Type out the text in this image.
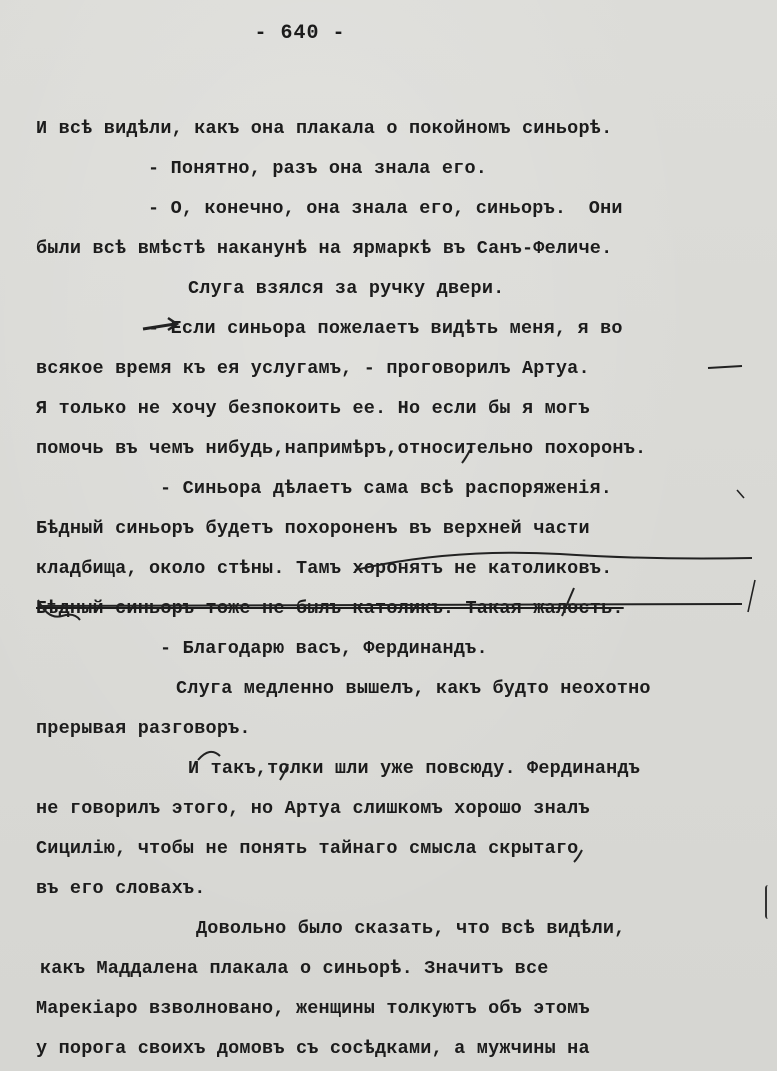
- 640 -
И всѣ видѣли, какъ она плакала о покойномъ синьорѣ.
- Понятно, разъ она знала его.
- О, конечно, она знала его, синьоръ.  Они
были всѣ вмѣстѣ наканунѣ на ярмаркѣ въ Санъ-Феличе.
Слуга взялся за ручку двери.
- Если синьора пожелаетъ видѣть меня, я во
всякое время къ ея услугамъ, - проговорилъ Артуа.
Я только не хочу безпокоить ее. Но если бы я могъ
помочь въ чемъ нибудь,напримѣръ,относительно похоронъ.
- Синьора дѣлаетъ сама всѣ распоряженія.
Бѣдный синьоръ будетъ похороненъ въ верхней части
кладбища, около стѣны. Тамъ хоронятъ не католиковъ.
Бѣдный синьоръ тоже не былъ католикъ. Такая жалость.
- Благодарю васъ, Фердинандъ.
Слуга медленно вышелъ, какъ будто неохотно
прерывая разговоръ.
И такъ,толки шли уже повсюду. Фердинандъ
не говорилъ этого, но Артуа слишкомъ хорошо зналъ
Сицилію, чтобы не понять тайнаго смысла скрытаго
въ его словахъ.
Довольно было сказать, что всѣ видѣли,
какъ Маддалена плакала о синьорѣ. Значитъ все
Марекіаро взволновано, женщины толкуютъ объ этомъ
у порога своихъ домовъ съ сосѣдками, а мужчины на
